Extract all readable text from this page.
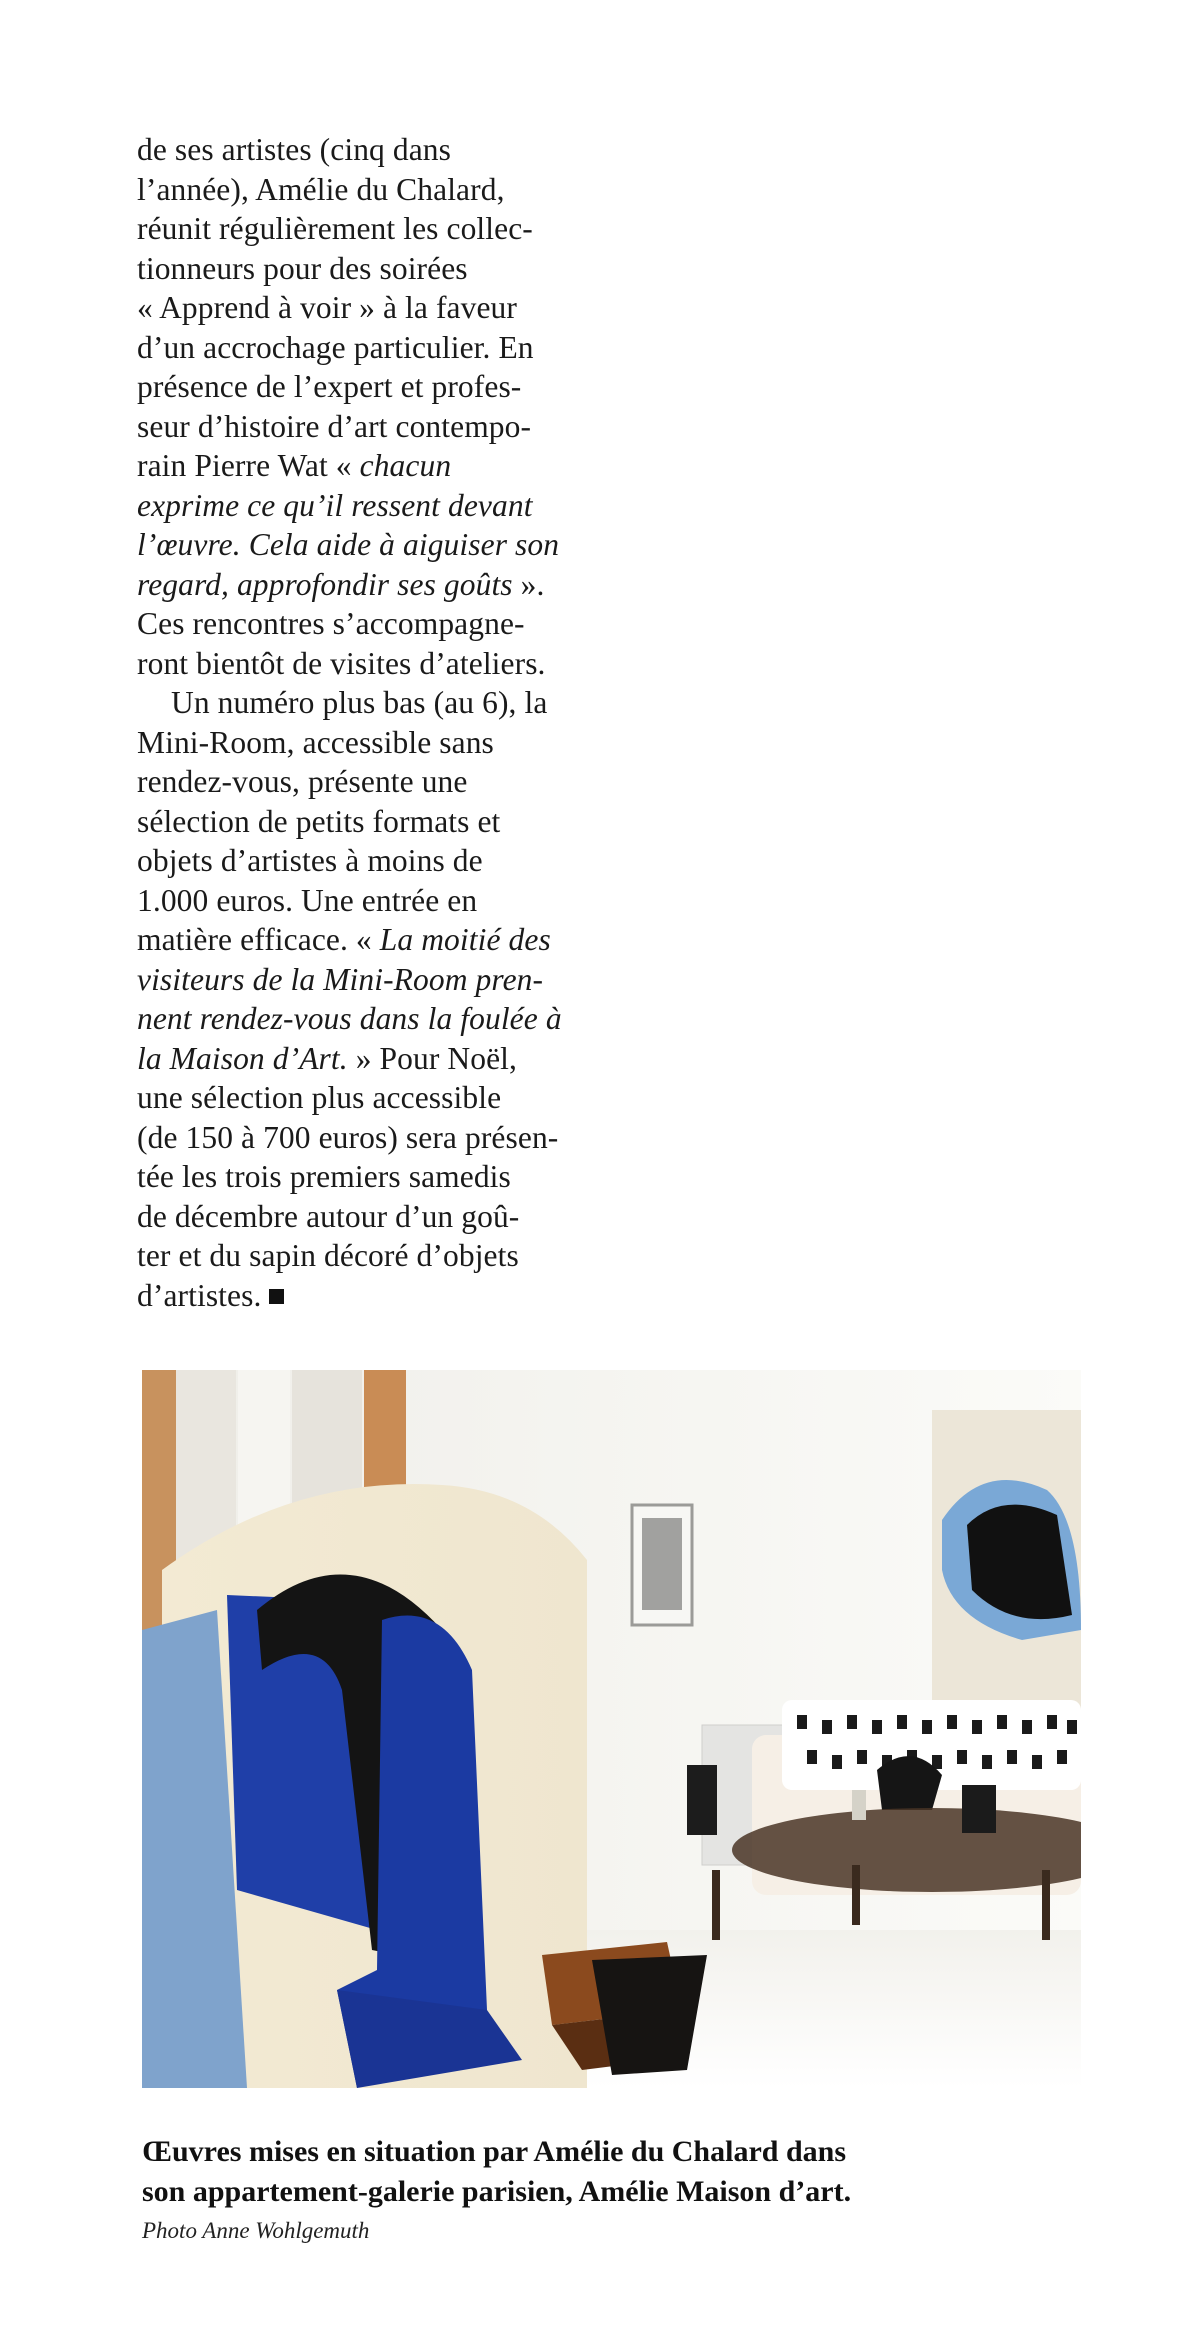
de ses artistes (cinq dans
l’année), Amélie du Chalard,
réunit régulièrement les collec-
tionneurs pour des soirées
« Apprend à voir » à la faveur
d’un accrochage particulier. En
présence de l’expert et profes-
seur d’histoire d’art contempo-
rain Pierre Wat « chacun
exprime ce qu’il ressent devant
l’œuvre. Cela aide à aiguiser son
regard, approfondir ses goûts ».
Ces rencontres s’accompagne-
ront bientôt de visites d’ateliers.
Un numéro plus bas (au 6), la
Mini-Room, accessible sans
rendez-vous, présente une
sélection de petits formats et
objets d’artistes à moins de
1.000 euros. Une entrée en
matière efficace. « La moitié des
visiteurs de la Mini-Room pren-
nent rendez-vous dans la foulée à
la Maison d’Art. » Pour Noël,
une sélection plus accessible
(de 150 à 700 euros) sera présen-
tée les trois premiers samedis
de décembre autour d’un goû-
ter et du sapin décoré d’objets
d’artistes.
Œuvres mises en situation par Amélie du Chalard dans
son appartement-galerie parisien, Amélie Maison d’art.
Photo Anne Wohlgemuth
